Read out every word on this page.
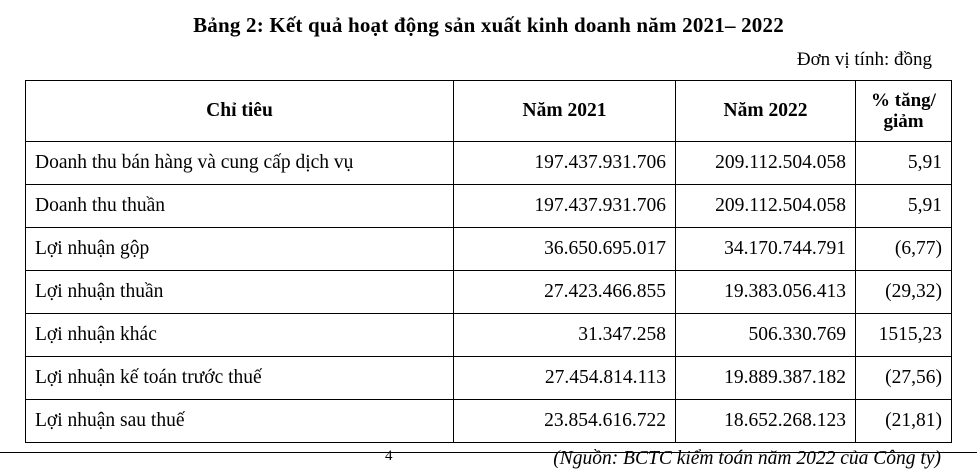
Bảng 2: Kết quả hoạt động sản xuất kinh doanh năm 2021– 2022
Đơn vị tính: đồng
Chỉ tiêu	Năm 2021	Năm 2022	% tăng/
giảm

Doanh thu bán hàng và cung cấp dịch vụ	197.437.931.706	209.112.504.058	5,91
Doanh thu thuần	197.437.931.706	209.112.504.058	5,91
Lợi nhuận gộp	36.650.695.017	34.170.744.791	(6,77)
Lợi nhuận thuần	27.423.466.855	19.383.056.413	(29,32)
Lợi nhuận khác	31.347.258	506.330.769	1515,23
Lợi nhuận kế toán trước thuế	27.454.814.113	19.889.387.182	(27,56)
Lợi nhuận sau thuế	23.854.616.722	18.652.268.123	(21,81)
(Nguồn: BCTC kiểm toán năm 2022 của Công ty)
4
